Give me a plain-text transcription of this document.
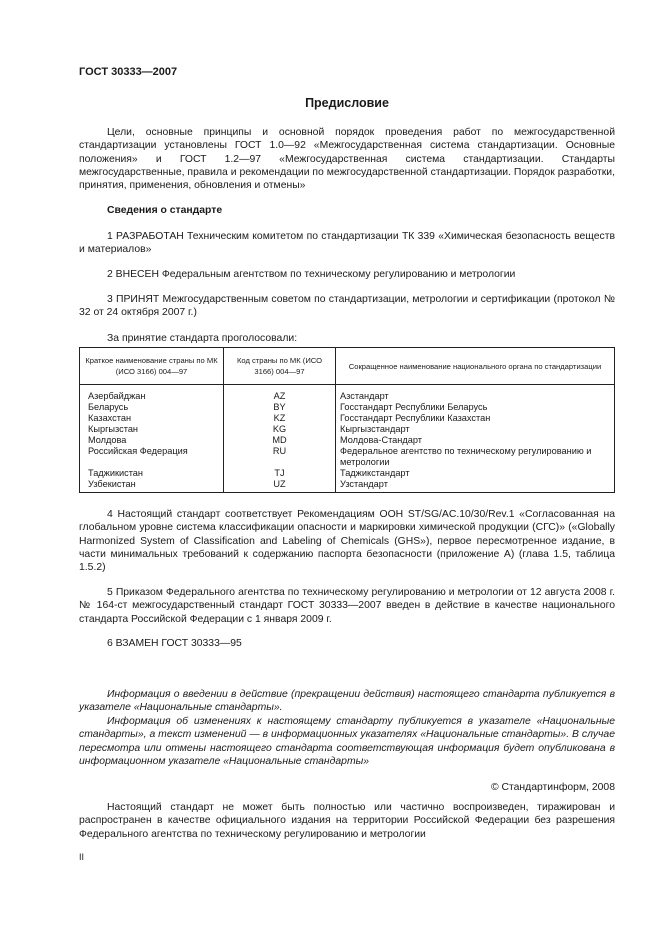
ГОСТ 30333—2007
Предисловие

Цели, основные принципы и основной порядок проведения работ по межгосударственной стандартизации установлены ГОСТ 1.0—92 «Межгосударственная система стандартизации. Основные положения» и ГОСТ 1.2—97 «Межгосударственная система стандартизации. Стандарты межгосударственные, правила и рекомендации по межгосударственной стандартизации. Порядок разработки, принятия, применения, обновления и отмены»

Сведения о стандарте

1 РАЗРАБОТАН Техническим комитетом по стандартизации ТК 339 «Химическая безопасность веществ и материалов»

2 ВНЕСЕН Федеральным агентством по техническому регулированию и метрологии

3 ПРИНЯТ Межгосударственным советом по стандартизации, метрологии и сертификации (протокол № 32 от 24 октября 2007 г.)

За принятие стандарта проголосовали:
Краткое наименование страны по МК (ИСО 3166) 004—97	Код страны по МК (ИСО 3166) 004—97	Сокращенное наименование национального органа по стандартизации
Азербайджан	AZ	Азстандарт
Беларусь	BY	Госстандарт Республики Беларусь
Казахстан	KZ	Госстандарт Республики Казахстан
Кыргызстан	KG	Кыргызстандарт
Молдова	MD	Молдова-Стандарт
Российская Федерация	RU	Федеральное агентство по техническому регулированию и метрологии
Таджикистан	TJ	Таджикстандарт
Узбекистан	UZ	Узстандарт

4 Настоящий стандарт соответствует Рекомендациям ООН ST/SG/AC.10/30/Rev.1 «Согласованная на глобальном уровне система классификации опасности и маркировки химической продукции (СГС)» («Globally Harmonized System of Classification and Labeling of Chemicals (GHS»), первое пересмотренное издание, в части минимальных требований к содержанию паспорта безопасности (приложение А) (глава 1.5, таблица 1.5.2)

5 Приказом Федерального агентства по техническому регулированию и метрологии от 12 августа 2008 г. № 164-ст межгосударственный стандарт ГОСТ 30333—2007 введен в действие в качестве национального стандарта Российской Федерации с 1 января 2009 г.

6 ВЗАМЕН ГОСТ 30333—95

Информация о введении в действие (прекращении действия) настоящего стандарта публикуется в указателе «Национальные стандарты».

Информация об изменениях к настоящему стандарту публикуется в указателе «Национальные стандарты», а текст изменений — в информационных указателях «Национальные стандарты». В случае пересмотра или отмены настоящего стандарта соответствующая информация будет опубликована в информационном указателе «Национальные стандарты»

© Стандартинформ, 2008

Настоящий стандарт не может быть полностью или частично воспроизведен, тиражирован и распространен в качестве официального издания на территории Российской Федерации без разрешения Федерального агентства по техническому регулированию и метрологии

II
